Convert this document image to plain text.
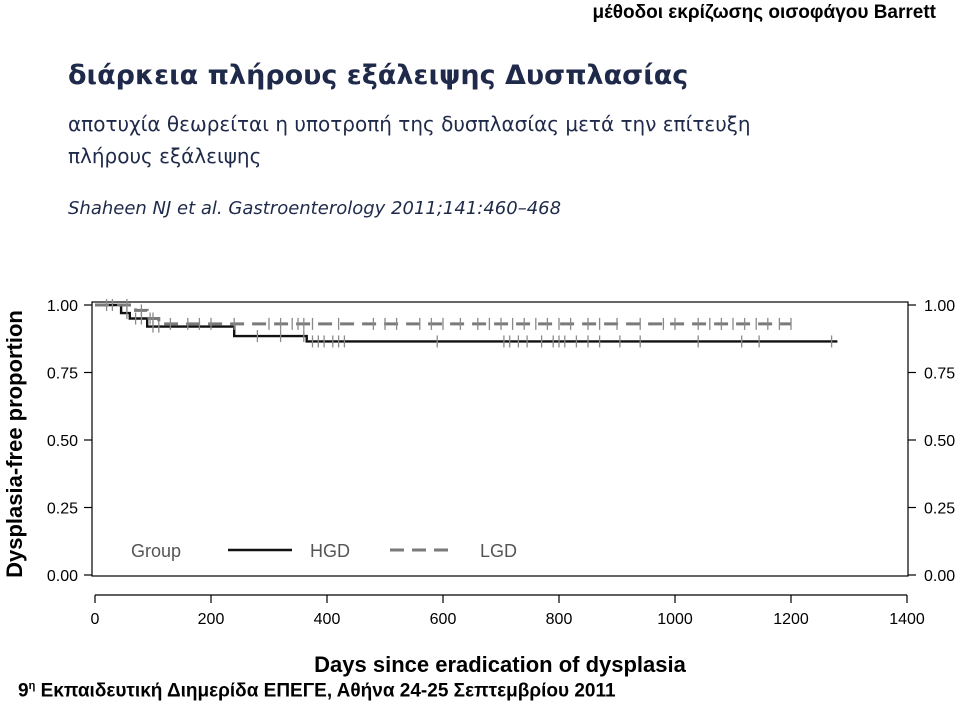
μέθοδοι εκρίζωσης οισοφάγου Barrett
διάρκεια πλήρους εξάλειψης Δυσπλασίας
αποτυχία θεωρείται η υποτροπή της δυσπλασίας μετά την επίτευξη πλήρους εξάλειψης
Shaheen NJ et al. Gastroenterology 2011;141:460–468
0.00
0.25
0.50
0.75
1.00
0.00
0.25
0.50
0.75
1.00
0	200	400	600	800	1000	1200	1400
Group	HGD	LGD
Dysplasia-free proportion
Days since eradication of dysplasia
$9^\eta$ Εκπαιδευτική Διημερίδα ΕΠΕΓΕ, Αθήνα 24-25 Σεπτεμβρίου 2011
